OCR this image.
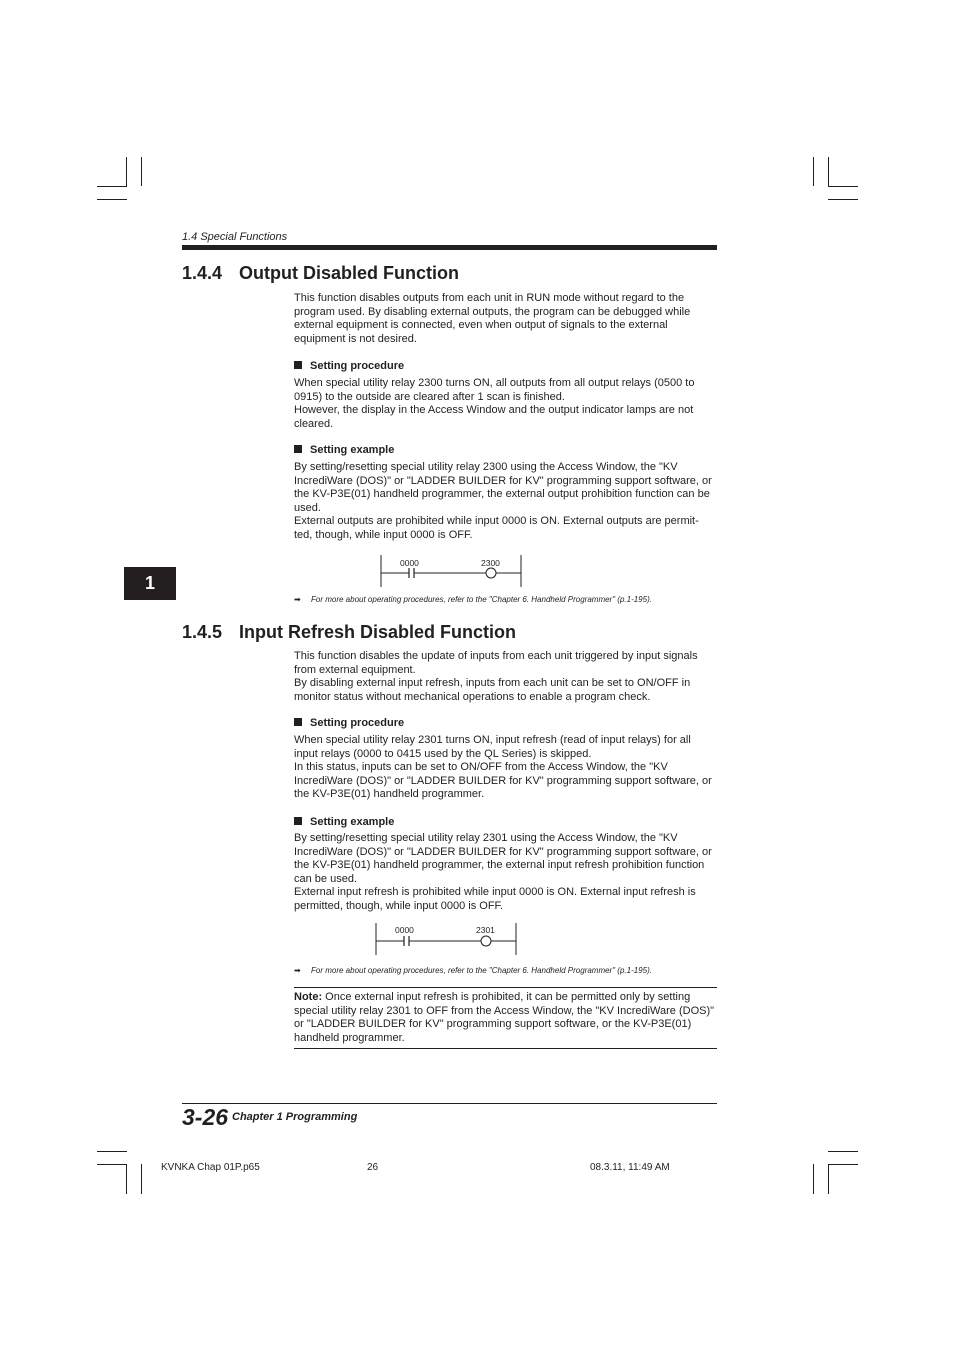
1.4 Special Functions
1
1.4.4 Output Disabled Function

This function disables outputs from each unit in RUN mode without regard to the program used. By disabling external outputs, the program can be debugged while external equipment is connected, even when output of signals to the external equipment is not desired.

Setting procedure

When special utility relay 2300 turns ON, all outputs from all output relays (0500 to 0915) to the outside are cleared after 1 scan is finished.

However, the display in the Access Window and the output indicator lamps are not cleared.

Setting example

By setting/resetting special utility relay 2300 using the Access Window, the "KV IncrediWare (DOS)" or "LADDER BUILDER for KV" programming support software, or the KV-P3E(01) handheld programmer, the external output prohibition function can be used.

External outputs are prohibited while input 0000 is ON. External outputs are permit-ted, though, while input 0000 is OFF.

0000	2300
➡︎ For more about operating procedures, refer to the "Chapter 6. Handheld Programmer" (p.1-195).
1.4.5 Input Refresh Disabled Function

This function disables the update of inputs from each unit triggered by input signals from external equipment.

By disabling external input refresh, inputs from each unit can be set to ON/OFF in monitor status without mechanical operations to enable a program check.

Setting procedure

When special utility relay 2301 turns ON, input refresh (read of input relays) for all input relays (0000 to 0415 used by the QL Series) is skipped.

In this status, inputs can be set to ON/OFF from the Access Window, the "KV IncrediWare (DOS)" or "LADDER BUILDER for KV" programming support software, or the KV-P3E(01) handheld programmer.

Setting example

By setting/resetting special utility relay 2301 using the Access Window, the "KV IncrediWare (DOS)" or "LADDER BUILDER for KV" programming support software, or the KV-P3E(01) handheld programmer, the external input refresh prohibition function can be used.

External input refresh is prohibited while input 0000 is ON. External input refresh is permitted, though, while input 0000 is OFF.

0000	2301
➡︎ For more about operating procedures, refer to the "Chapter 6. Handheld Programmer" (p.1-195).
Note: Once external input refresh is prohibited, it can be permitted only by setting special utility relay 2301 to OFF from the Access Window, the "KV IncrediWare (DOS)" or "LADDER BUILDER for KV" programming support software, or the KV-P3E(01) handheld programmer.
3-26 Chapter 1 Programming
KVNKA Chap 01P.p65	26	08.3.11, 11:49 AM
